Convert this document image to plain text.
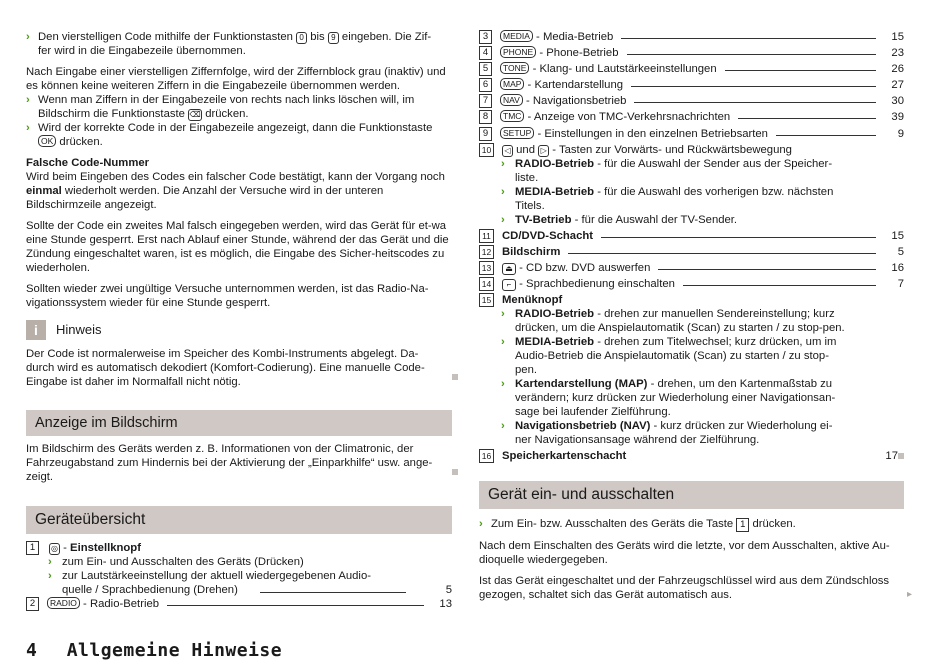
› Den vierstelligen Code mithilfe der Funktionstasten 0 bis 9 eingeben. Die Zif-
fer wird in die Eingabezeile übernommen.

Nach Eingabe einer vierstelligen Ziffernfolge, wird der Ziffernblock grau (inaktiv) und es können keine weiteren Ziffern in die Eingabezeile übernommen werden.

› Wenn man Ziffern in der Eingabezeile von rechts nach links löschen will, im Bildschirm die Funktionstaste ⌫ drücken.
› Wird der korrekte Code in der Eingabezeile angezeigt, dann die Funktionstaste OK drücken.

Falsche Code-Nummer

Wird beim Eingeben des Codes ein falscher Code bestätigt, kann der Vorgang noch einmal wiederholt werden. Die Anzahl der Versuche wird in der unteren Bildschirmzeile angezeigt.

Sollte der Code ein zweites Mal falsch eingegeben werden, wird das Gerät für et-wa eine Stunde gesperrt. Erst nach Ablauf einer Stunde, während der das Gerät und die Zündung eingeschaltet waren, ist es möglich, die Eingabe des Sicher-heitscodes zu wiederholen.

Sollten wieder zwei ungültige Versuche unternommen werden, ist das Radio-Na-vigationssystem wieder für eine Stunde gesperrt.

i	Hinweis

Der Code ist normalerweise im Speicher des Kombi-Instruments abgelegt. Da-durch wird es automatisch dekodiert (Komfort-Codierung). Eine manuelle Code-Eingabe ist daher im Normalfall nicht nötig.

Anzeige im Bildschirm

Im Bildschirm des Geräts werden z. B. Informationen von der Climatronic, der Fahrzeugabstand zum Hindernis bei der Aktivierung der „Einparkhilfe“ usw. ange-zeigt.

Geräteübersicht
1	◎ - Einstellknopf
› zum Ein- und Ausschalten des Geräts (Drücken)
› zur Lautstärkeeinstellung der aktuell wiedergegebenen Audio-quelle / Sprachbedienung (Drehen)	5
2	RADIO - Radio-Betrieb	13
3	MEDIA - Media-Betrieb	15
4	PHONE - Phone-Betrieb	23
5	TONE - Klang- und Lautstärkeeinstellungen	26
6	MAP - Kartendarstellung	27
7	NAV - Navigationsbetrieb	30
8	TMC - Anzeige von TMC-Verkehrsnachrichten	39
9	SETUP - Einstellungen in den einzelnen Betriebsarten	9
10	◁ und ▷ - Tasten zur Vorwärts- und Rückwärtsbewegung
› RADIO-Betrieb - für die Auswahl der Sender aus der Speicher-liste.
› MEDIA-Betrieb - für die Auswahl des vorherigen bzw. nächsten Titels.
› TV-Betrieb - für die Auswahl der TV-Sender.
11 CD/DVD-Schacht	15
12 Bildschirm	5
13	⏏ - CD bzw. DVD auswerfen	16
14	⌐ - Sprachbedienung einschalten	7
15 Menüknopf
› RADIO-Betrieb - drehen zur manuellen Sendereinstellung; kurz drücken, um die Anspielautomatik (Scan) zu starten / zu stop-pen.
› MEDIA-Betrieb - drehen zum Titelwechsel; kurz drücken, um im Audio-Betrieb die Anspielautomatik (Scan) zu starten / zu stop-pen.
› Kartendarstellung (MAP) - drehen, um den Kartenmaßstab zu verändern; kurz drücken zur Wiederholung einer Navigationsan-sage bei laufender Zielführung.
› Navigationsbetrieb (NAV) - kurz drücken zur Wiederholung ei-ner Navigationsansage während der Zielführung.
16 Speicherkartenschacht	17
Gerät ein- und ausschalten
› Zum Ein- bzw. Ausschalten des Geräts die Taste 1 drücken.

Nach dem Einschalten des Geräts wird die letzte, vor dem Ausschalten, aktive Au-dioquelle wiedergegeben.

Ist das Gerät eingeschaltet und der Fahrzeugschlüssel wird aus dem Zündschloss gezogen, schaltet sich das Gerät automatisch aus.	▸
4 Allgemeine Hinweise
